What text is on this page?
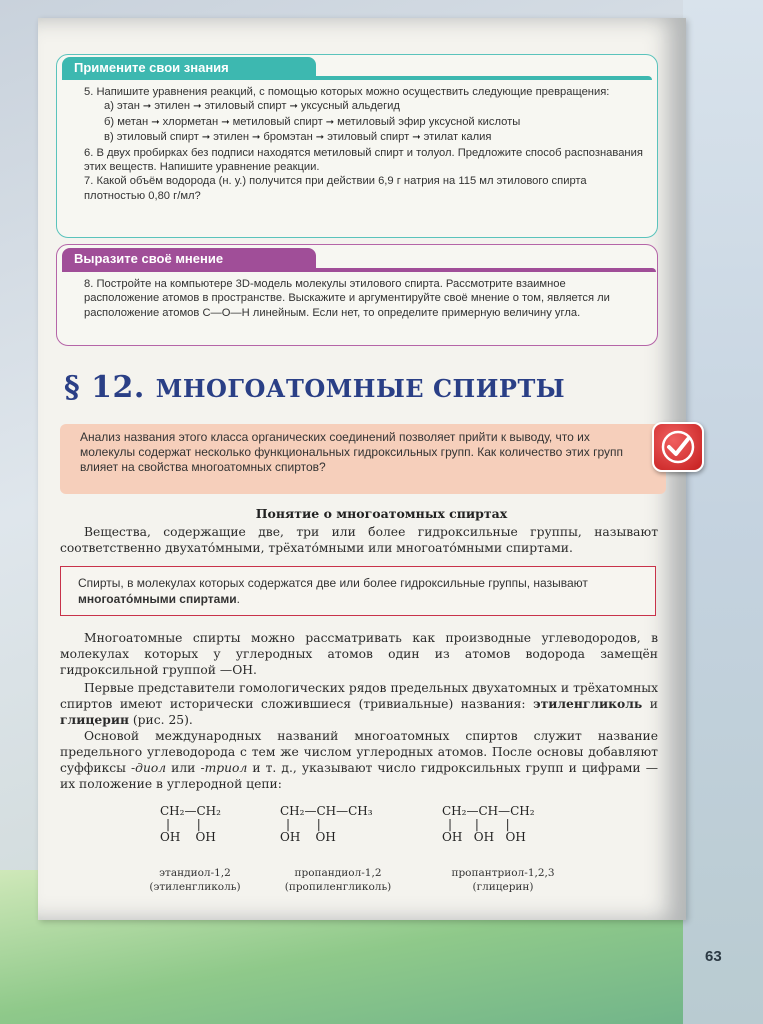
Примените свои знания
5. Напишите уравнения реакций, с помощью которых можно осуществить следующие превращения:
а) этан ➞ этилен ➞ этиловый спирт ➞ уксусный альдегид
б) метан ➞ хлорметан ➞ метиловый спирт ➞ метиловый эфир уксусной кислоты
в) этиловый спирт ➞ этилен ➞ бромэтан ➞ этиловый спирт ➞ этилат калия
6. В двух пробирках без подписи находятся метиловый спирт и толуол. Предложите способ распознавания этих веществ. Напишите уравнение реакции.
7. Какой объём водорода (н. у.) получится при действии 6,9 г натрия на 115 мл этилового спирта плотностью 0,80 г/мл?
Выразите своё мнение
8. Постройте на компьютере 3D-модель молекулы этилового спирта. Рассмотрите взаимное расположение атомов в пространстве. Выскажите и аргументируйте своё мнение о том, является ли расположение атомов С—О—Н линейным. Если нет, то определите примерную величину угла.
§ 12. МНОГОАТОМНЫЕ СПИРТЫ
Анализ названия этого класса органических соединений позволяет прийти к выводу, что их молекулы содержат несколько функциональных гидроксильных групп. Как количество этих групп влияет на свойства многоатомных спиртов?
Понятие о многоатомных спиртах
Вещества, содержащие две, три или более гидроксильные группы, называют соответственно двухато́мными, трёхато́мными или многоато́мными спиртами.
Спирты, в молекулах которых содержатся две или более гидроксильные группы, называют многоато́мными спиртами.
Многоатомные спирты можно рассматривать как производные углеводородов, в молекулах которых у углеродных атомов один из атомов водорода замещён гидроксильной группой —ОН.
Первые представители гомологических рядов предельных двухатомных и трёхатомных спиртов имеют исторически сложившиеся (тривиальные) названия: этиленгликоль и глицерин (рис. 25).
Основой международных названий многоатомных спиртов служит название предельного углеводорода с тем же числом углеродных атомов. После основы добавляют суффиксы -диол или -триол и т. д., указывают число гидроксильных групп и цифрами — их положение в углеродной цепи:
CH₂—CH₂
|       |
OH    OH
этандиол-1,2
(этиленгликоль)
CH₂—CH—CH₃
|       |
OH    OH
пропандиол-1,2
(пропиленгликоль)
CH₂—CH—CH₂
|      |       |
OH   OH   OH
пропантриол-1,2,3
(глицерин)
63
